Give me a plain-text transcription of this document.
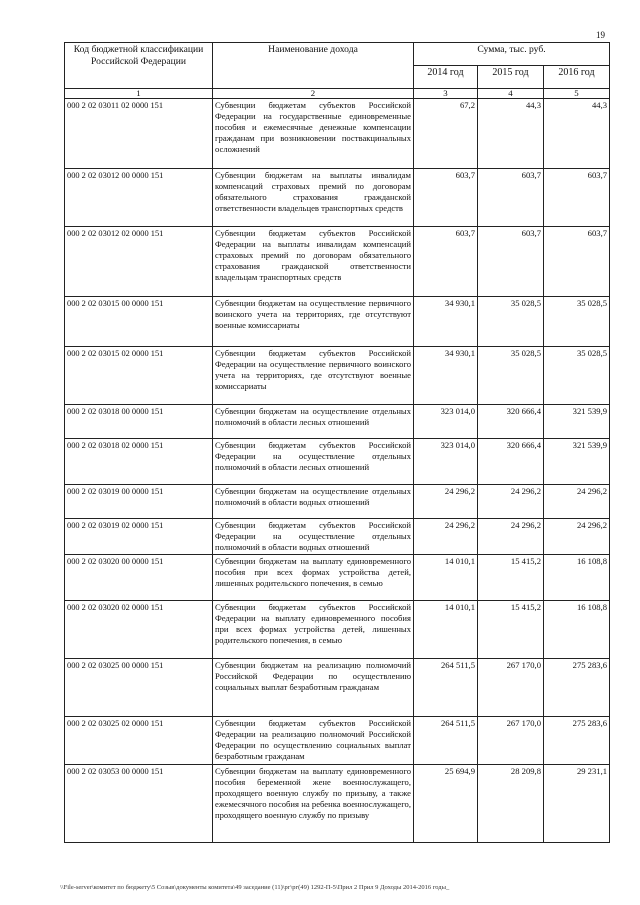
19
Код бюджетной классификации Российской Федерации	Наименование дохода	Сумма, тыс. руб.		
		2014 год	2015 год	2016 год
1	2	3	4	5
000 2 02 03011 02 0000 151	Субвенции бюджетам субъектов Российской Федерации на государственные единовременные пособия и ежемесячные денежные компенсации гражданам при возникновении поствакцинальных осложнений	67,2	44,3	44,3
000 2 02 03012 00 0000 151	Субвенции бюджетам на выплаты инвалидам компенсаций страховых премий по договорам обязательного страхования гражданской ответственности владельцев транспортных средств	603,7	603,7	603,7
000 2 02 03012 02 0000 151	Субвенции бюджетам субъектов Российской Федерации на выплаты инвалидам компенсаций страховых премий по договорам обязательного страхования гражданской ответственности владельцам транспортных средств	603,7	603,7	603,7
000 2 02 03015 00 0000 151	Субвенции бюджетам на осуществление первичного воинского учета на территориях, где отсутствуют военные комиссариаты	34 930,1	35 028,5	35 028,5
000 2 02 03015 02 0000 151	Субвенции бюджетам субъектов Российской Федерации на осуществление первичного воинского учета на территориях, где отсутствуют военные комиссариаты	34 930,1	35 028,5	35 028,5
000 2 02 03018 00 0000 151	Субвенции бюджетам на осуществление отдельных полномочий в области лесных отношений	323 014,0	320 666,4	321 539,9
000 2 02 03018 02 0000 151	Субвенции бюджетам субъектов Российской Федерации на осуществление отдельных полномочий в области лесных отношений	323 014,0	320 666,4	321 539,9
000 2 02 03019 00 0000 151	Субвенции бюджетам на осуществление отдельных полномочий в области водных отношений	24 296,2	24 296,2	24 296,2
000 2 02 03019 02 0000 151	Субвенции бюджетам субъектов Российской Федерации на осуществление отдельных полномочий в области водных отношений	24 296,2	24 296,2	24 296,2
000 2 02 03020 00 0000 151	Субвенции бюджетам на выплату единовременного пособия при всех формах устройства детей, лишенных родительского попечения, в семью	14 010,1	15 415,2	16 108,8
000 2 02 03020 02 0000 151	Субвенции бюджетам субъектов Российской Федерации на выплату единовременного пособия при всех формах устройства детей, лишенных родительского попечения, в семью	14 010,1	15 415,2	16 108,8
000 2 02 03025 00 0000 151	Субвенции бюджетам на реализацию полномочий Российской Федерации по осуществлению социальных выплат безработным гражданам	264 511,5	267 170,0	275 283,6
000 2 02 03025 02 0000 151	Субвенции бюджетам субъектов Российской Федерации на реализацию полномочий Российской Федерации по осуществлению социальных выплат безработным гражданам	264 511,5	267 170,0	275 283,6
000 2 02 03053 00 0000 151	Субвенции бюджетам на выплату единовременного пособия беременной жене военнослужащего, проходящего военную службу по призыву, а также ежемесячного пособия на ребенка военнослужащего, проходящего военную службу по призыву	25 694,9	28 209,8	29 231,1
\\File-server\комитет по бюджету\5 Созыв\документы комитета\49 заседание (11)\рг\рг(49) 1292-П-5\Прил 2 Прил 9 Доходы 2014-2016 годы_
